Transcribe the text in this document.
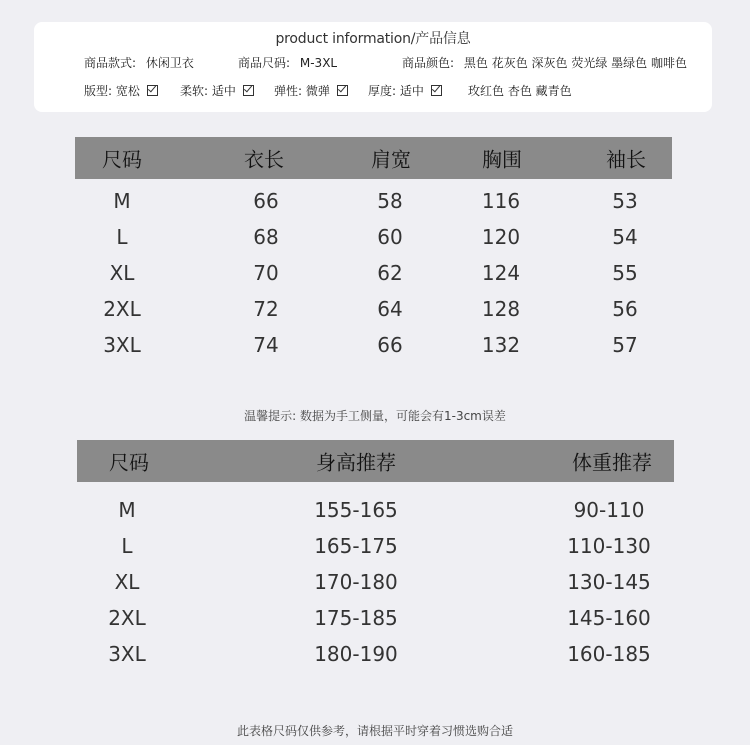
product information/产品信息
商品款式: 休闲卫衣	商品尺码: M-3XL	商品颜色: 黑色 花灰色 深灰色 荧光绿 墨绿色 咖啡色
版型: 宽松	柔软: 适中	弹性: 微弹	厚度: 适中	玫红色 杏色 藏青色
尺码	衣长	肩宽	胸围	袖长
M	66	58	116	53
L	68	60	120	54
XL	70	62	124	55
2XL	72	64	128	56
3XL	74	66	132	57
温馨提示: 数据为手工侧量，可能会有1-3cm误差
尺码	身高推荐	体重推荐
M	155-165	90-110
L	165-175	110-130
XL	170-180	130-145
2XL	175-185	145-160
3XL	180-190	160-185
此表格尺码仅供参考，请根据平时穿着习惯选购合适
